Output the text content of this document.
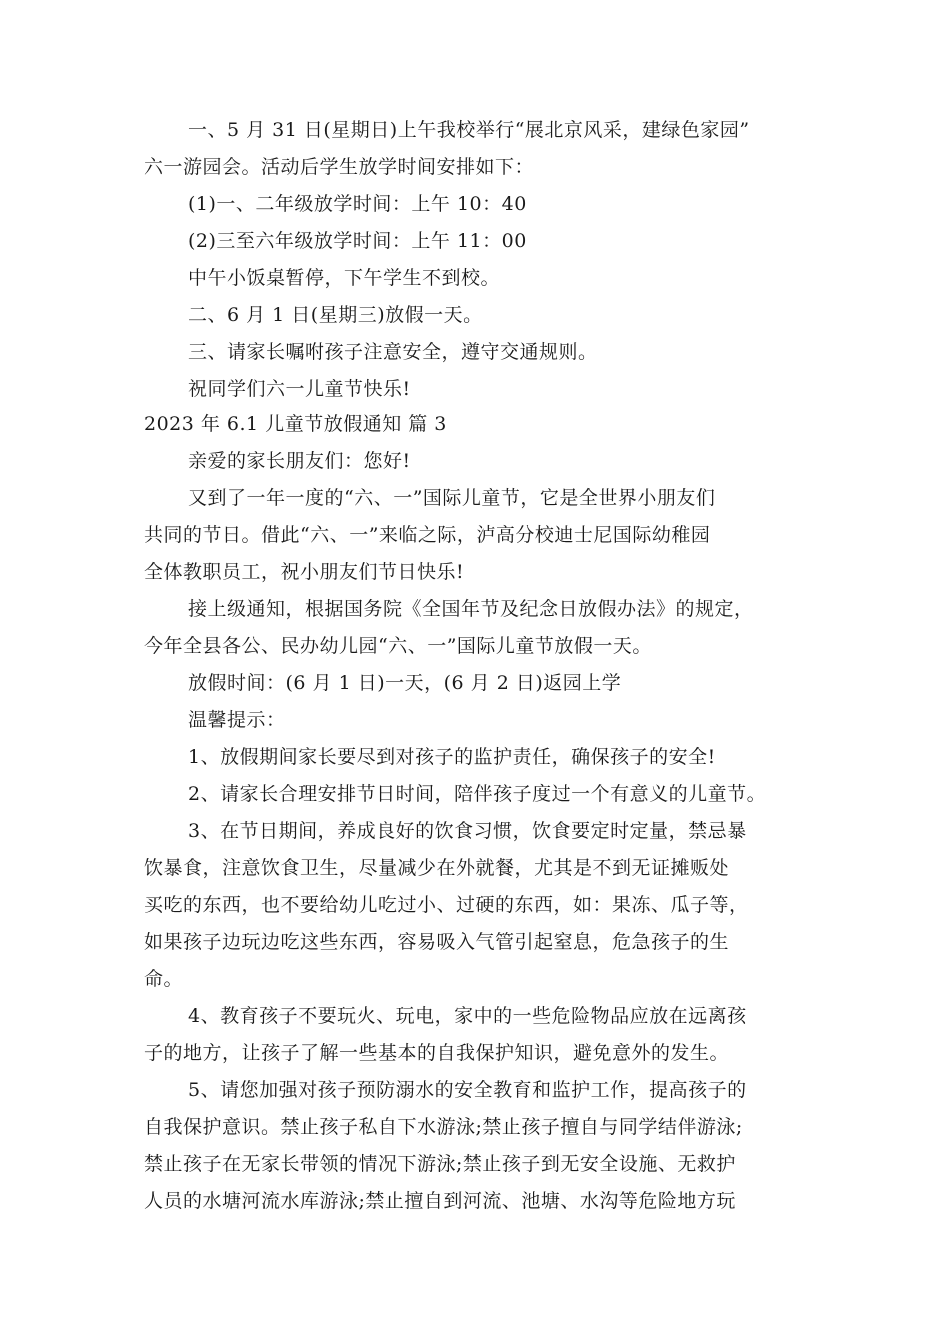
一、5 月 31 日(星期日)上午我校举行“展北京风采，建绿色家园”
六一游园会。活动后学生放学时间安排如下：
(1)一、二年级放学时间：上午 10：40
(2)三至六年级放学时间：上午 11：00
中午小饭桌暂停，下午学生不到校。
二、6 月 1 日(星期三)放假一天。
三、请家长嘱咐孩子注意安全，遵守交通规则。
祝同学们六一儿童节快乐!
2023 年 6.1 儿童节放假通知 篇 3
亲爱的家长朋友们：您好!
又到了一年一度的“六、一”国际儿童节，它是全世界小朋友们
共同的节日。借此“六、一”来临之际，泸高分校迪士尼国际幼稚园
全体教职员工，祝小朋友们节日快乐!
接上级通知，根据国务院《全国年节及纪念日放假办法》的规定，
今年全县各公、民办幼儿园“六、一”国际儿童节放假一天。
放假时间：(6 月 1 日)一天，(6 月 2 日)返园上学
温馨提示：
1、放假期间家长要尽到对孩子的监护责任，确保孩子的安全!
2、请家长合理安排节日时间，陪伴孩子度过一个有意义的儿童节。
3、在节日期间，养成良好的饮食习惯，饮食要定时定量，禁忌暴
饮暴食，注意饮食卫生，尽量减少在外就餐，尤其是不到无证摊贩处
买吃的东西，也不要给幼儿吃过小、过硬的东西，如：果冻、瓜子等，
如果孩子边玩边吃这些东西，容易吸入气管引起窒息，危急孩子的生
命。
4、教育孩子不要玩火、玩电，家中的一些危险物品应放在远离孩
子的地方，让孩子了解一些基本的自我保护知识，避免意外的发生。
5、请您加强对孩子预防溺水的安全教育和监护工作，提高孩子的
自我保护意识。禁止孩子私自下水游泳;禁止孩子擅自与同学结伴游泳;
禁止孩子在无家长带领的情况下游泳;禁止孩子到无安全设施、无救护
人员的水塘河流水库游泳;禁止擅自到河流、池塘、水沟等危险地方玩
